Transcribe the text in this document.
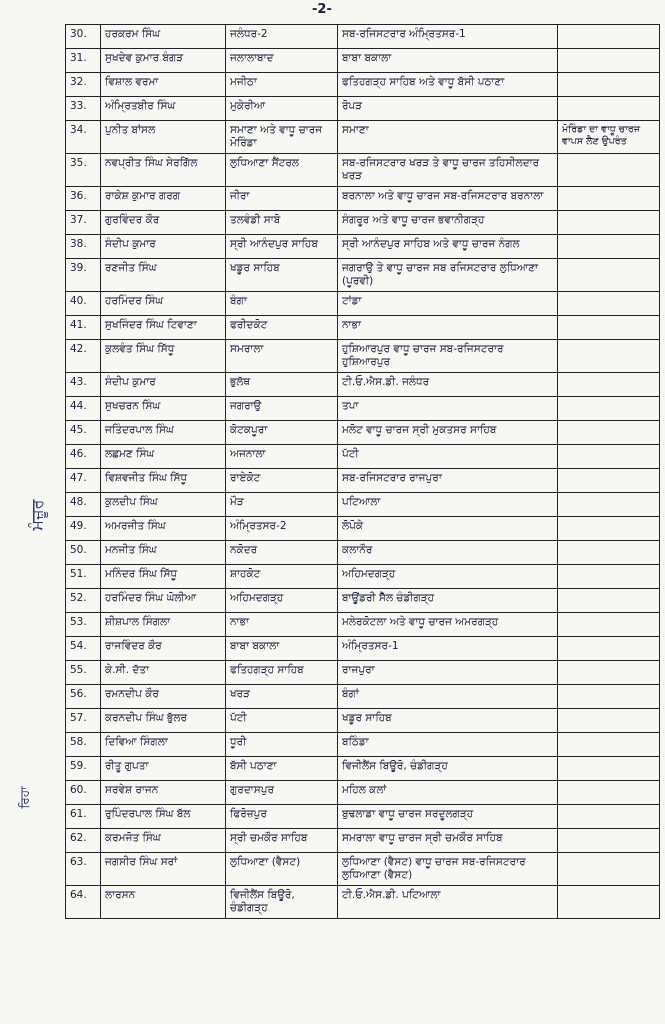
-2-
ਮੰਜ਼ੂਰ
ਰਿਹਾ
30.	ਹਰਕਰਮ ਸਿੰਘ	ਜਲੰਧਰ-2	ਸਬ-ਰਜਿਸਟਰਾਰ ਅੰਮ੍ਰਿਤਸਰ-1	
31.	ਸੁਖਦੇਵ ਕੁਮਾਰ ਬੰਗੜ	ਜਲਾਲਾਬਾਦ	ਬਾਬਾ ਬਕਾਲਾ	
32.	ਵਿਸ਼ਾਲ ਵਰਮਾ	ਮਜੀਠਾ	ਫਤਿਹਗੜ੍ਹ ਸਾਹਿਬ ਅਤੇ ਵਾਧੂ ਬੱਸੀ ਪਠਾਣਾ	
33.	ਅੰਮ੍ਰਿਤਬੀਰ ਸਿੰਘ	ਮੁਕੇਰੀਆ	ਰੋਪੜ	
34.	ਪੁਨੀਤ ਬਾਂਸਲ	ਸਮਾਣਾ ਅਤੇ ਵਾਧੂ ਚਾਰਜ ਮੋਰਿੰਡਾ	ਸਮਾਣਾ	ਮੋਰਿੰਡਾ ਦਾ ਵਾਧੂ ਚਾਰਜ ਵਾਪਸ ਲੈਣ ਉਪਰੰਤ
35.	ਨਵਪ੍ਰੀਤ ਸਿੰਘ ਸੇਰਗਿੱਲ	ਲੁਧਿਆਣਾ ਸੈਂਟਰਲ	ਸਬ-ਰਜਿਸਟਰਾਰ ਖਰੜ ਤੇ ਵਾਧੂ ਚਾਰਜ ਤਹਿਸੀਲਦਾਰ ਖਰੜ	
36.	ਰਾਕੇਸ਼ ਕੁਮਾਰ ਗਰਗ	ਜੀਰਾ	ਬਰਨਾਲਾ ਅਤੇ ਵਾਧੂ ਚਾਰਜ ਸਬ-ਰਜਿਸਟਰਾਰ ਬਰਨਾਲਾ	
37.	ਗੁਰਵਿੰਦਰ ਕੌਰ	ਤਲਵੰਡੀ ਸਾਬੋ	ਸੰਗਰੂਰ ਅਤੇ ਵਾਧੂ ਚਾਰਜ ਭਵਾਨੀਗੜ੍ਹ	
38.	ਸੰਦੀਪ ਕੁਮਾਰ	ਸ੍ਰੀ ਆਨੰਦਪੁਰ ਸਾਹਿਬ	ਸ੍ਰੀ ਆਨੰਦਪੁਰ ਸਾਹਿਬ ਅਤੇ ਵਾਧੂ ਚਾਰਜ ਨੰਗਲ	
39.	ਰਣਜੀਤ ਸਿੰਘ	ਖਡੂਰ ਸਾਹਿਬ	ਜਗਰਾਉ ਤੇ ਵਾਧੂ ਚਾਰਜ ਸਬ ਰਜਿਸਟਰਾਰ ਲੁਧਿਆਣਾ (ਪੂਰਵੀ)	
40.	ਹਰਮਿੰਦਰ ਸਿੰਘ	ਬੰਗਾ	ਟਾਂਡਾ	
41.	ਸੁਖਜਿੰਦਰ ਸਿੰਘ ਟਿਵਾਣਾ	ਫਰੀਦਕੋਟ	ਨਾਭਾ	
42.	ਕੁਲਵੰਤ ਸਿੰਘ ਸਿੱਧੂ	ਸਮਰਾਲਾ	ਹੁਸ਼ਿਆਰਪੁਰ ਵਾਧੂ ਚਾਰਜ ਸਬ-ਰਜਿਸਟਰਾਰ ਹੁਸ਼ਿਆਰਪੁਰ	
43.	ਸੰਦੀਪ ਕੁਮਾਰ	ਭੁਲੱਥ	ਟੀ.ਓ.ਐਸ.ਡੀ. ਜਲੰਧਰ	
44.	ਸੁਖਚਰਨ ਸਿੰਘ	ਜਗਰਾਉ	ਤਪਾ	
45.	ਜਤਿੰਦਰਪਾਲ ਸਿੰਘ	ਕੋਟਕਪੂਰਾ	ਮਲੋਟ ਵਾਧੂ ਚਾਰਜ ਸ੍ਰੀ ਮੁਕਤਸਰ ਸਾਹਿਬ	
46.	ਲਛਮਣ ਸਿੰਘ	ਅਜਨਾਲਾ	ਪੱਟੀ	
47.	ਵਿਸ਼ਵਜੀਤ ਸਿੰਘ ਸਿੱਧੂ	ਰਾਏਕੋਟ	ਸਬ-ਰਜਿਸਟਰਾਰ ਰਾਜਪੁਰਾ	
48.	ਕੁਲਦੀਪ ਸਿੰਘ	ਮੌੜ	ਪਟਿਆਲਾ	
49.	ਅਮਰਜੀਤ ਸਿੰਘ	ਅੰਮ੍ਰਿਤਸਰ-2	ਲੋਪੋਕੇ	
50.	ਮਨਜੀਤ ਸਿੰਘ	ਨਕੋਦਰ	ਕਲਾਨੌਰ	
51.	ਮਨਿੰਦਰ ਸਿੰਘ ਸਿੱਧੂ	ਸ਼ਾਹਕੋਟ	ਅਹਿਮਦਗੜ੍ਹ	
52.	ਹਰਮਿੰਦਰ ਸਿੰਘ ਘੋਲੀਆ	ਅਹਿਮਦਗੜ੍ਹ	ਬਾਊਂਡਰੀ ਸੈੱਲ ਚੰਡੀਗੜ੍ਹ	
53.	ਸ਼ੀਸ਼ਪਾਲ ਸਿੰਗਲਾ	ਨਾਭਾ	ਮਲੇਰਕੋਟਲਾ ਅਤੇ ਵਾਧੂ ਚਾਰਜ ਅਮਰਗੜ੍ਹ	
54.	ਰਾਜਵਿੰਦਰ ਕੌਰ	ਬਾਬਾ ਬਕਾਲਾ	ਅੰਮ੍ਰਿਤਸਰ-1	
55.	ਕੇ.ਸੀ. ਦੱਤਾ	ਫਤਿਹਗੜ੍ਹ ਸਾਹਿਬ	ਰਾਜਪੁਰਾ	
56.	ਰਮਨਦੀਪ ਕੌਰ	ਖਰੜ	ਬੰਗਾਂ	
57.	ਕਰਨਦੀਪ ਸਿੰਘ ਭੁੱਲਰ	ਪੱਟੀ	ਖਡੂਰ ਸਾਹਿਬ	
58.	ਦਿਵਿਆ ਸਿੰਗਲਾ	ਧੂਰੀ	ਬਠਿੰਡਾ	
59.	ਰੀਤੂ ਗੁਪਤਾ	ਬੱਸੀ ਪਠਾਣਾ	ਵਿਜੀਲੈਂਸ ਬਿਊਰੋ, ਚੰਡੀਗੜ੍ਹ	
60.	ਸਰਵੇਸ਼ ਰਾਜਨ	ਗੁਰਦਾਸਪੁਰ	ਮਹਿਲ ਕਲਾਂ	
61.	ਰੁਪਿੰਦਰਪਾਲ ਸਿੰਘ ਬੱਲ	ਫਿਰੋਜ਼ਪੁਰ	ਬੁਢਲਾਡਾ ਵਾਧੂ ਚਾਰਜ ਸਰਦੂਲਗੜ੍ਹ	
62.	ਕਰਮਜੋਤ ਸਿੰਘ	ਸ੍ਰੀ ਚਮਕੌਰ ਸਾਹਿਬ	ਸਮਰਾਲਾ ਵਾਧੂ ਚਾਰਜ ਸ੍ਰੀ ਚਮਕੌਰ ਸਾਹਿਬ	
63.	ਜਗਸੀਰ ਸਿੰਘ ਸਰਾਂ	ਲੁਧਿਆਣਾ (ਵੈਸਟ)	ਲੁਧਿਆਣਾ (ਵੈਸਟ) ਵਾਧੂ ਚਾਰਜ ਸਬ-ਰਜਿਸਟਰਾਰ ਲੁਧਿਆਣਾ (ਵੈਸਟ)	
64.	ਲਾਰਸਨ	ਵਿਜੀਲੈਂਸ ਬਿਊਰੋ, ਚੰਡੀਗੜ੍ਹ	ਟੀ.ਓ.ਐਸ.ਡੀ. ਪਟਿਆਲਾ	
